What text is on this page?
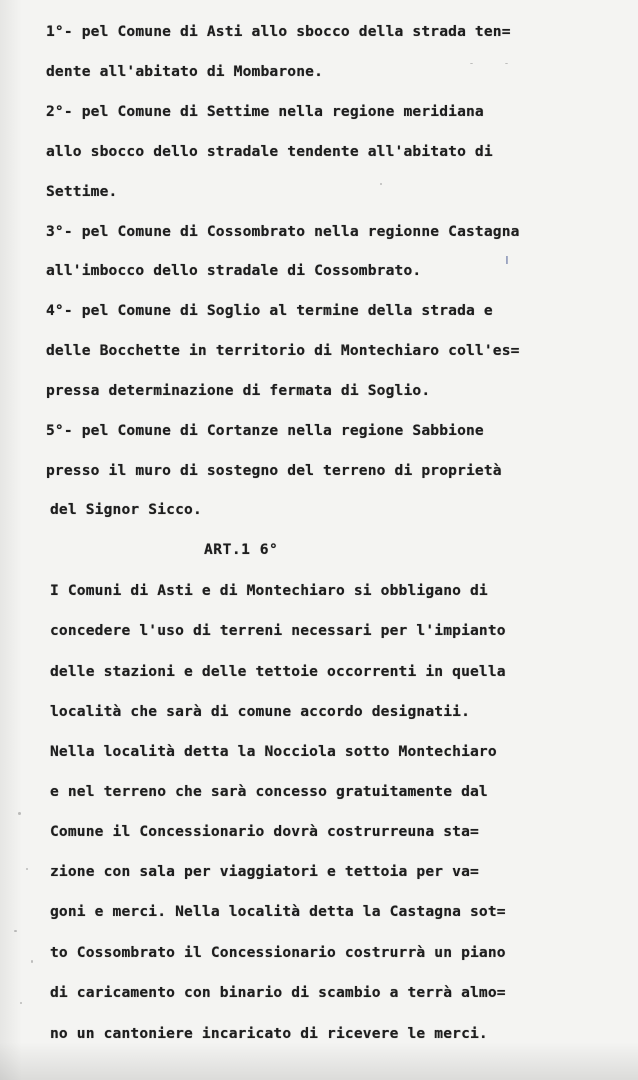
ı
1°- pel Comune di Asti allo sbocco della strada ten=
dente all'abitato di Mombarone.
2°- pel Comune di Settime nella regione meridiana
allo sbocco dello stradale tendente all'abitato di
Settime.
3°- pel Comune di Cossombrato nella regionne Castagna
all'imbocco dello stradale di Cossombrato.
4°- pel Comune di Soglio al termine della strada e
delle Bocchette in territorio di Montechiaro coll'es=
pressa determinazione di fermata di Soglio.
5°- pel Comune di Cortanze nella regione Sabbione
presso il muro di sostegno del terreno di proprietà
del Signor Sicco.
ART.1 6°
I Comuni di Asti e di Montechiaro si obbligano di
concedere l'uso di terreni necessari per l'impianto
delle stazioni e delle tettoie occorrenti in quella
località che sarà di comune accordo designatii.
Nella località detta la Nocciola sotto Montechiaro
e nel terreno che sarà concesso gratuitamente dal
Comune il Concessionario dovrà costrurreuna sta=
zione con sala per viaggiatori e tettoia per va=
goni e merci. Nella località detta la Castagna sot=
to Cossombrato il Concessionario costrurrà un piano
di caricamento con binario di scambio a terrà almo=
no un cantoniere incaricato di ricevere le merci.
